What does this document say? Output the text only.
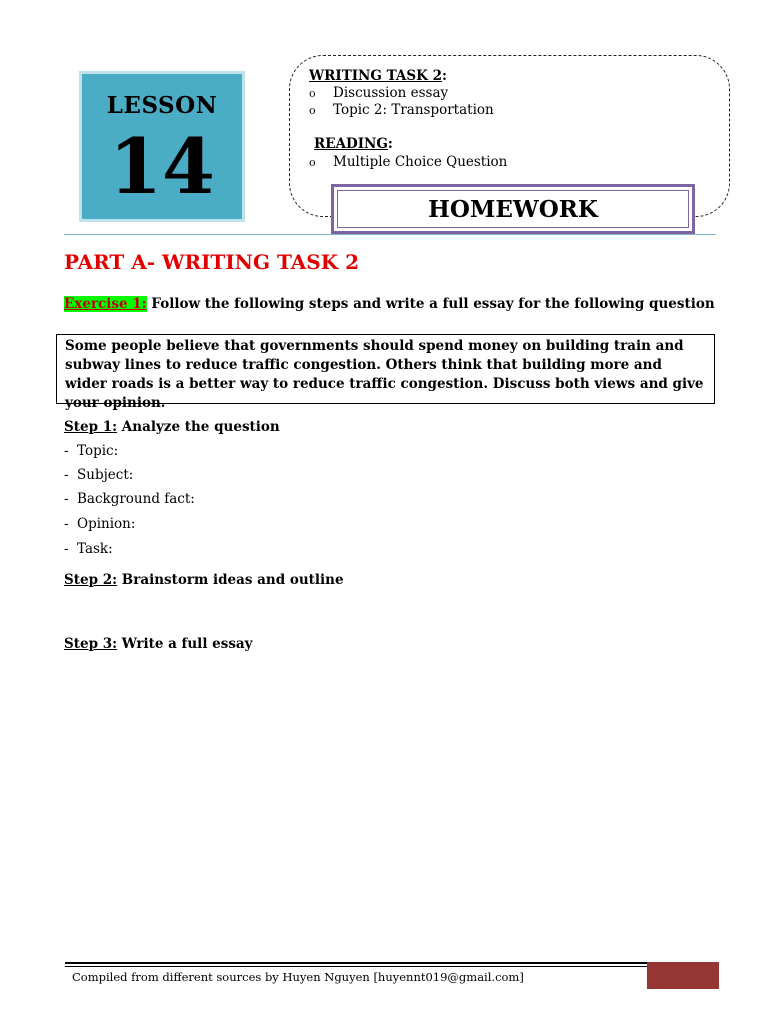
LESSON
14
WRITING TASK 2:
o Discussion essay
o Topic 2: Transportation
READING:
o Multiple Choice Question
HOMEWORK
PART A- WRITING TASK 2
Exercise 1: Follow the following steps and write a full essay for the following question
Some people believe that governments should spend money on building train and subway lines to reduce traffic congestion. Others think that building more and wider roads is a better way to reduce traffic congestion. Discuss both views and give your opinion.
Step 1: Analyze the question
- Topic:
- Subject:
- Background fact:
- Opinion:
- Task:
Step 2: Brainstorm ideas and outline
Step 3: Write a full essay
Compiled from different sources by Huyen Nguyen [huyennt019@gmail.com]
